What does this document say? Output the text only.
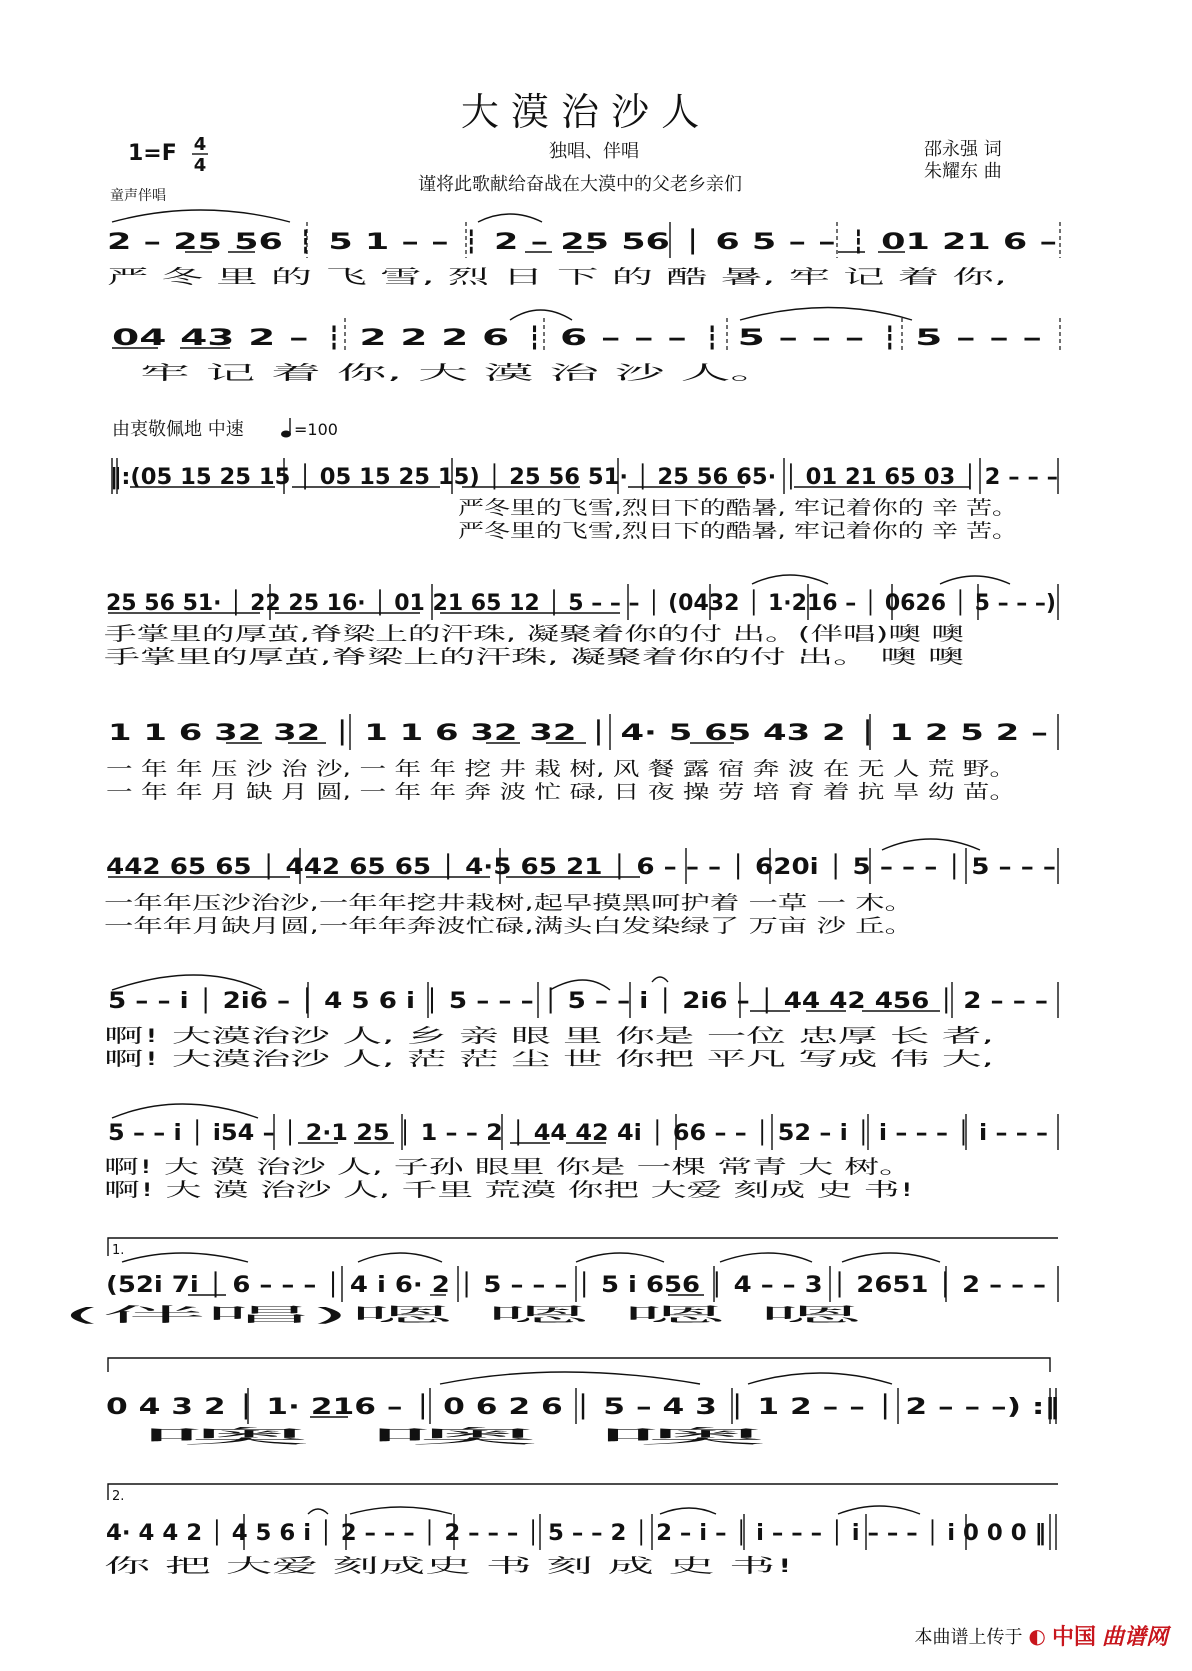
大 漠 治 沙 人
1=F 4
4
独唱、伴唱	邵永强 词
朱耀东 曲
谨将此歌献给奋战在大漠中的父老乡亲们
童声伴唱
2 – 25 56 ┆ 5 1 – – ┆ 2 – 25 56 │ 6 5 – – ┆ 01 21 6 –
严 冬 里 的 飞 雪, 烈 日 下 的 酷 暑, 牢 记 着 你,
04 43 2 – ┆ 2 2 2 6 ┆ 6 – – – ┆ 5 – – – ┆ 5 – – –
牢 记 着 你, 大 漠 治 沙 人。
由衷敬佩地 中速	=100
‖:(05 15 25 15 │ 05 15 25 15) │ 25 56 51· │ 25 56 65· │ 01 21 65 03 │ 2 – – –
严冬里的飞雪,烈日下的酷暑, 牢记着你的 辛 苦。
严冬里的飞雪,烈日下的酷暑, 牢记着你的 辛 苦。
25 56 51· │ 22 25 16· │ 01 21 65 12 │ 5 – – – │ (0432 │ 1·216 – │ 0626 │ 5 – – –)
手掌里的厚茧,脊梁上的汗珠, 凝聚着你的付 出。(伴唱)噢 噢
手掌里的厚茧,脊梁上的汗珠, 凝聚着你的付 出。 噢 噢
1 1 6 32 32 │ 1 1 6 32 32 │ 4· 5 65 43 2 │ 1 2 5 2 –
一 年 年 压 沙 治 沙, 一 年 年 挖 井 栽 树, 风 餐 露 宿 奔 波 在 无 人 荒 野。
一 年 年 月 缺 月 圆, 一 年 年 奔 波 忙 碌, 日 夜 操 劳 培 育 着 抗 旱 幼 苗。
442 65 65 │ 442 65 65 │ 4·5 65 21 │ 6 – – – │ 620i │ 5 – – – │ 5 – – –
一年年压沙治沙,一年年挖井栽树,起早摸黑呵护着 一草 一 木。
一年年月缺月圆,一年年奔波忙碌,满头白发染绿了 万亩 沙 丘。
5 – – i │ 2i6 – │ 4 5 6 i │ 5 – – – │ 5 – – i │ 2i6 – │ 44 42 456 │ 2 – – –
啊! 大漠治沙 人, 乡 亲 眼 里 你是 一位 忠厚 长 者,
啊! 大漠治沙 人, 茫 茫 尘 世 你把 平凡 写成 伟 大,
5 – – i │ i54 – │ 2·1 25 │ 1 – – 2 │ 44 42 4i │ 66 – – │ 52 – i │ i – – – │ i – – –
啊! 大 漠 治沙 人, 子孙 眼里 你是 一棵 常青 大 树。
啊! 大 漠 治沙 人, 千里 荒漠 你把 大爱 刻成 史 书!
1.
(52i 7i │ 6 – – – │ 4 i 6· 2 │ 5 – – – │ 5 i 656 │ 4 – – 3 │ 2651 │ 2 – – –
(伴唱)嗯 嗯 嗯 嗯
0 4 3 2 │ 1· 216 – │ 0 6 2 6 │ 5 – 4 3 │ 1 2 – – │ 2 – – –) :‖
噢 噢 噢
2.
4· 4 4 2 │ 4 5 6 i │ 2 – – – │ 2 – – – │ 5 – – 2 │ 2 – i – │ i – – – │ i – – – │ i 0 0 0 ‖
你 把 大爱 刻成史 书 刻 成 史 书!
本曲谱上传于 ◐ 中国 曲谱网
